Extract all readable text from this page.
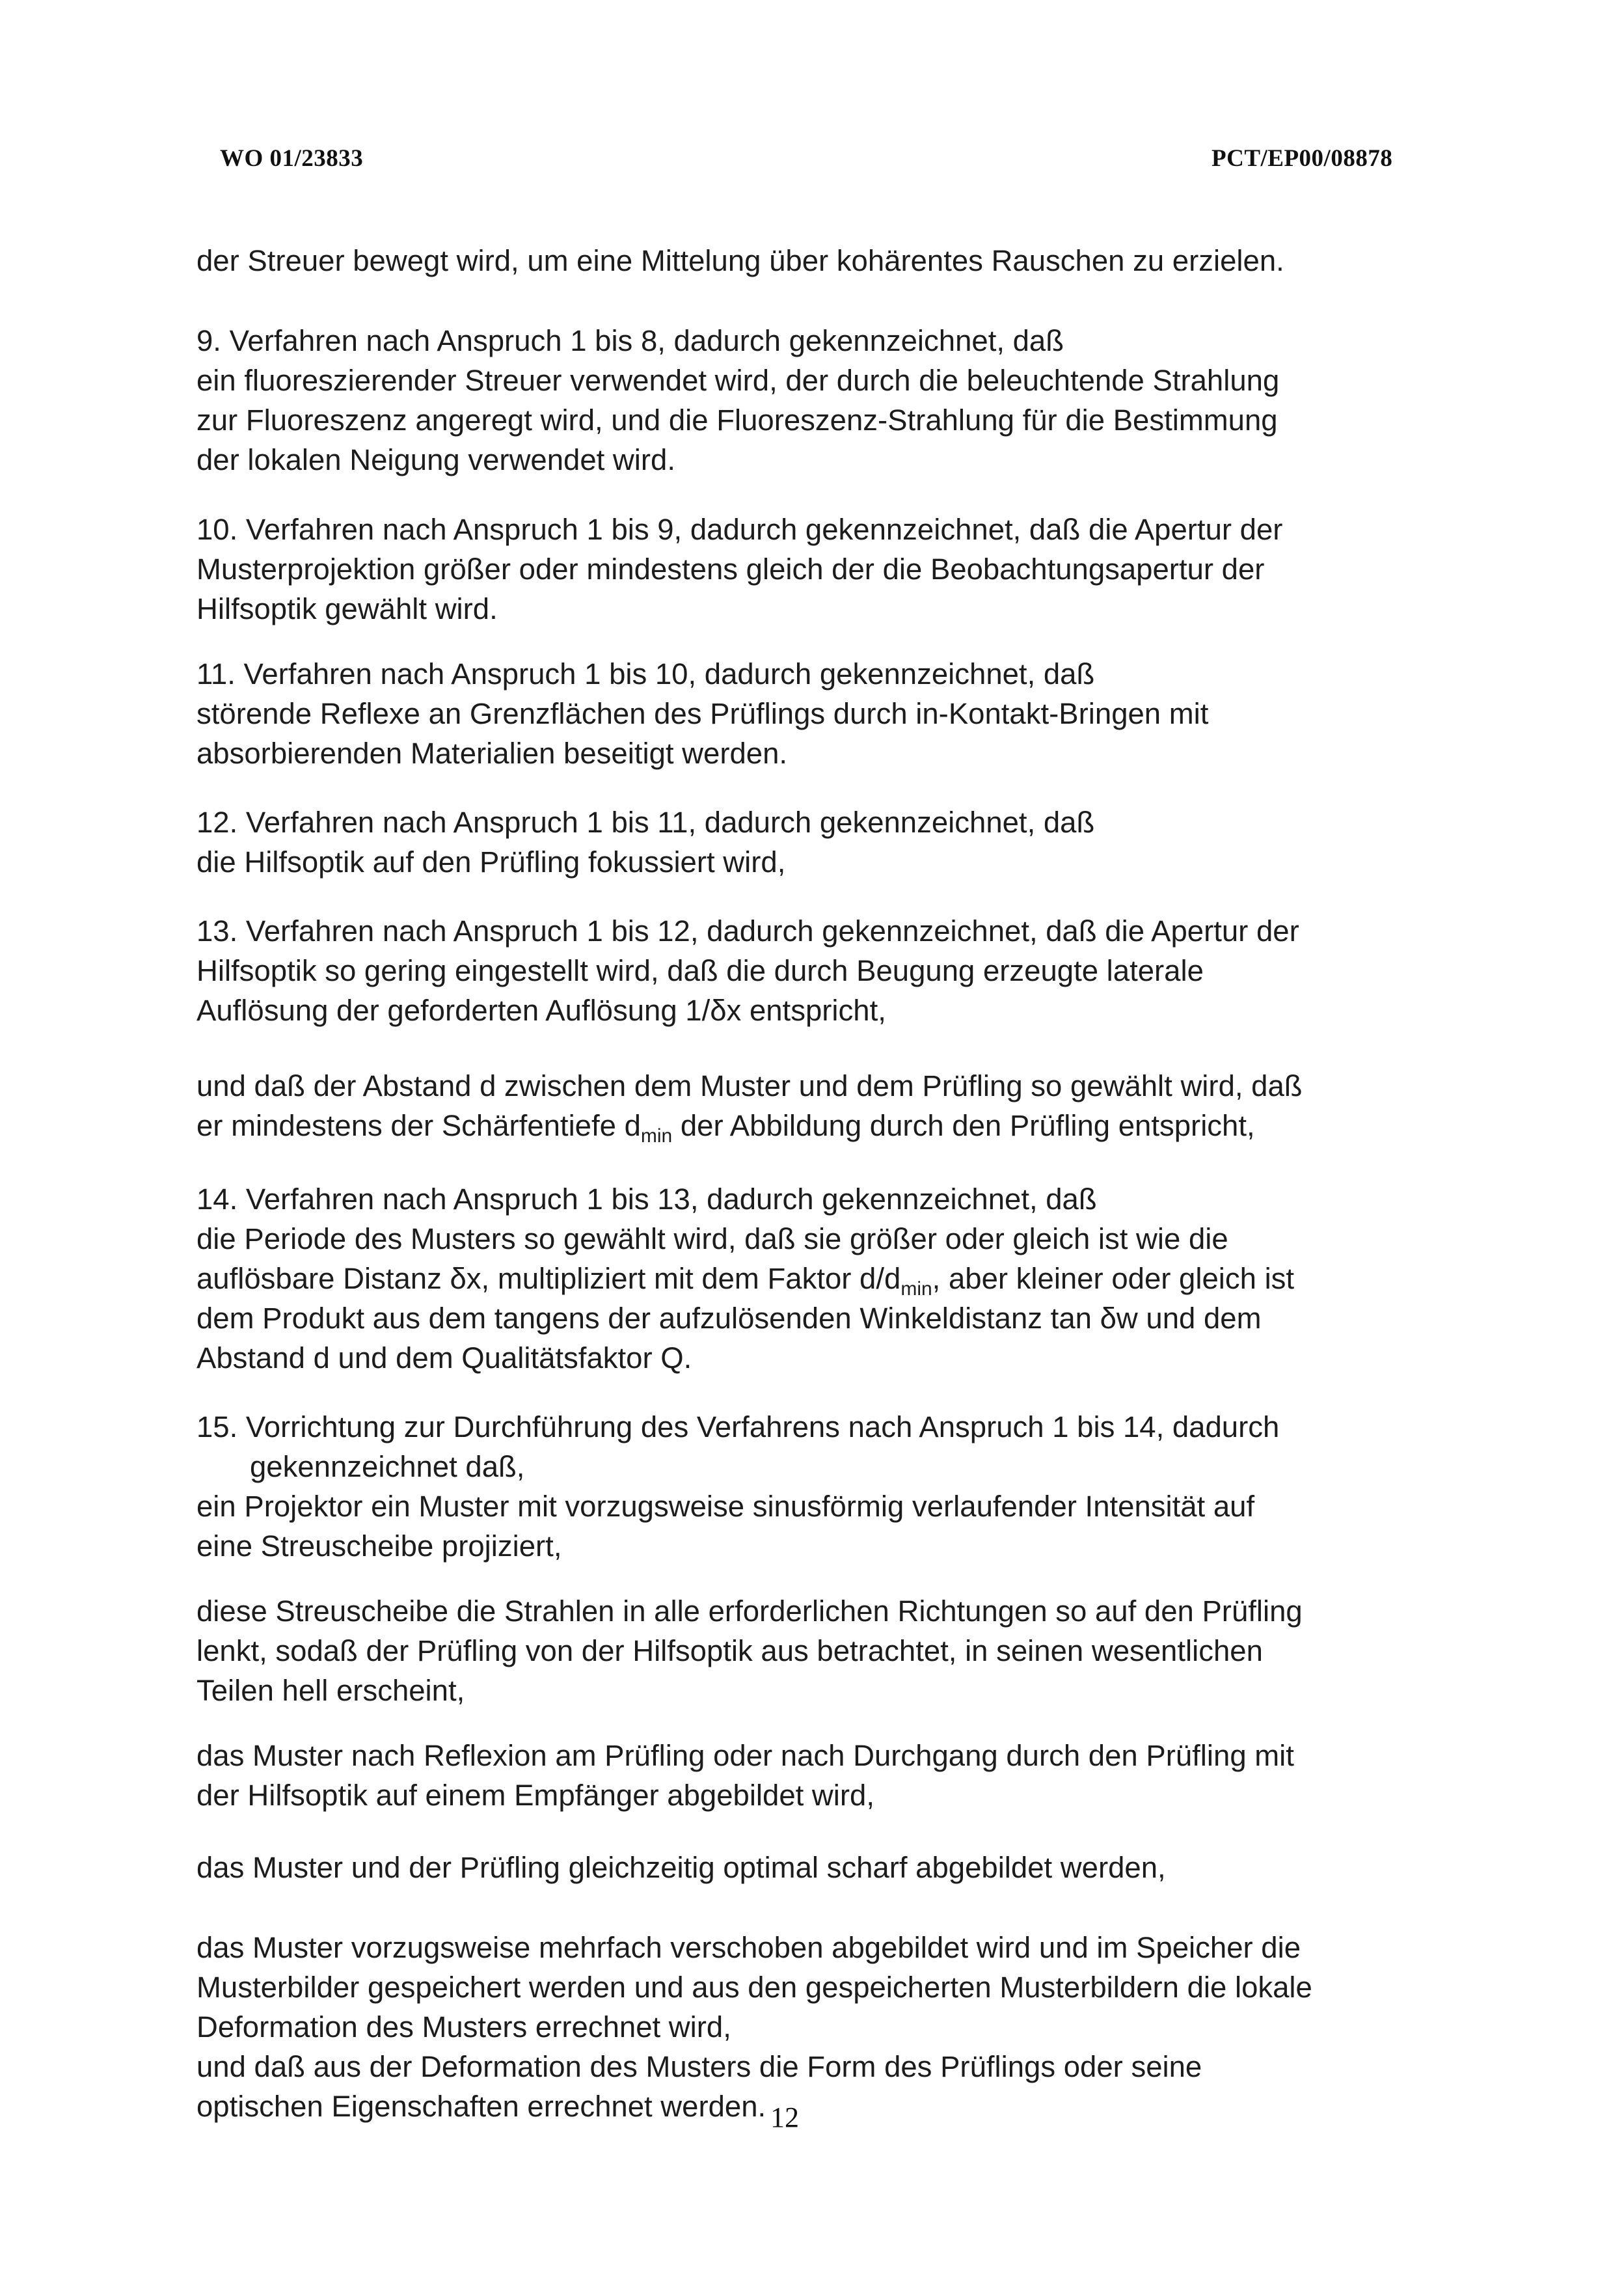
WO 01/23833	PCT/EP00/08878
der Streuer bewegt wird, um eine Mittelung über kohärentes Rauschen zu erzielen.
9. Verfahren nach Anspruch 1 bis 8, dadurch gekennzeichnet, daß
ein fluoreszierender Streuer verwendet wird, der durch die beleuchtende Strahlung
zur Fluoreszenz angeregt wird, und die Fluoreszenz-Strahlung für die Bestimmung
der lokalen Neigung verwendet wird.
10. Verfahren nach Anspruch 1 bis 9, dadurch gekennzeichnet, daß die Apertur der
Musterprojektion größer oder mindestens gleich der die Beobachtungsapertur der
Hilfsoptik gewählt wird.
11. Verfahren nach Anspruch 1 bis 10, dadurch gekennzeichnet, daß
störende Reflexe an Grenzflächen des Prüflings durch in-Kontakt-Bringen mit
absorbierenden Materialien beseitigt werden.
12. Verfahren nach Anspruch 1 bis 11, dadurch gekennzeichnet, daß
die Hilfsoptik auf den Prüfling fokussiert wird,
13. Verfahren nach Anspruch 1 bis 12, dadurch gekennzeichnet, daß die Apertur der
Hilfsoptik so gering eingestellt wird, daß die durch Beugung erzeugte laterale
Auflösung der geforderten Auflösung 1/δx entspricht,
und daß der Abstand d zwischen dem Muster und dem Prüfling so gewählt wird, daß
er mindestens der Schärfentiefe $d_{min}$ der Abbildung durch den Prüfling entspricht,
14. Verfahren nach Anspruch 1 bis 13, dadurch gekennzeichnet, daß
die Periode des Musters so gewählt wird, daß sie größer oder gleich ist wie die
auflösbare Distanz δx, multipliziert mit dem Faktor $d/d_{min}$, aber kleiner oder gleich ist
dem Produkt aus dem tangens der aufzulösenden Winkeldistanz tan δw und dem
Abstand d und dem Qualitätsfaktor Q.
15. Vorrichtung zur Durchführung des Verfahrens nach Anspruch 1 bis 14, dadurch
gekennzeichnet daß,
ein Projektor ein Muster mit vorzugsweise sinusförmig verlaufender Intensität auf
eine Streuscheibe projiziert,
diese Streuscheibe die Strahlen in alle erforderlichen Richtungen so auf den Prüfling
lenkt, sodaß der Prüfling von der Hilfsoptik aus betrachtet, in seinen wesentlichen
Teilen hell erscheint,
das Muster nach Reflexion am Prüfling oder nach Durchgang durch den Prüfling mit
der Hilfsoptik auf einem Empfänger abgebildet wird,
das Muster und der Prüfling gleichzeitig optimal scharf abgebildet werden,
das Muster vorzugsweise mehrfach verschoben abgebildet wird und im Speicher die
Musterbilder gespeichert werden und aus den gespeicherten Musterbildern die lokale
Deformation des Musters errechnet wird,
und daß aus der Deformation des Musters die Form des Prüflings oder seine
optischen Eigenschaften errechnet werden. 12
